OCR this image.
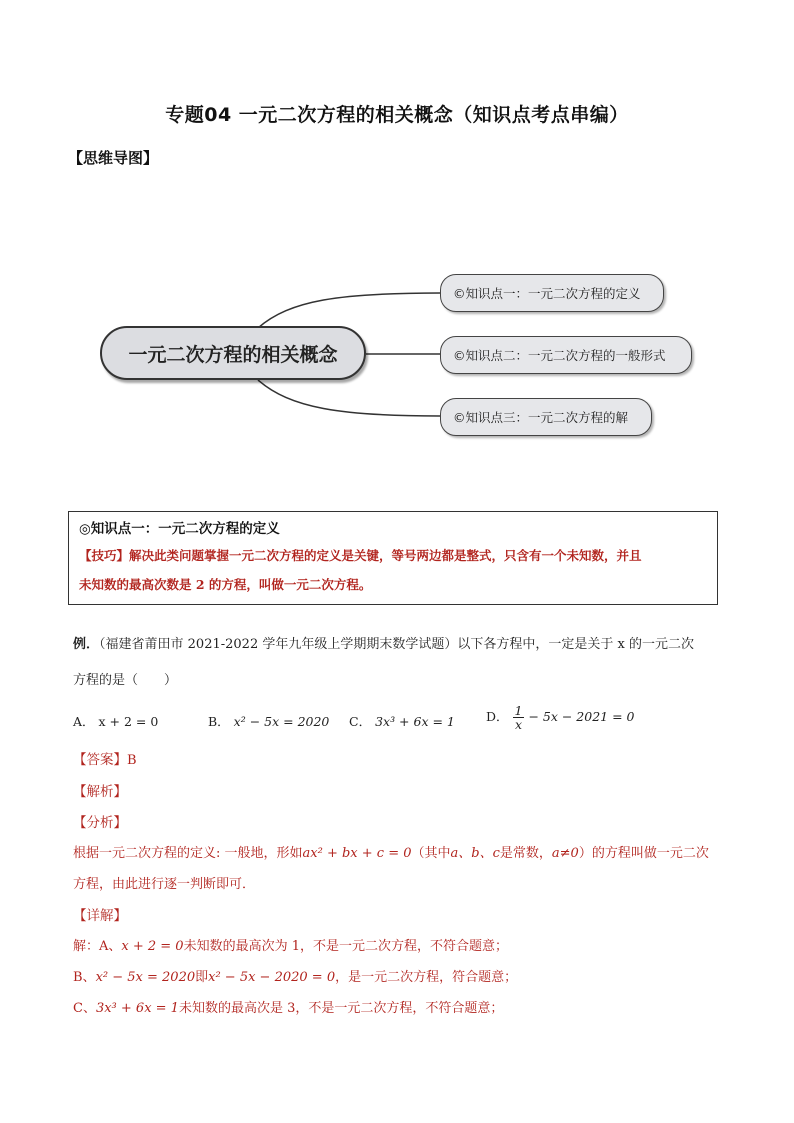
专题04 一元二次方程的相关概念（知识点考点串编）
【思维导图】
一元二次方程的相关概念
©知识点一：一元二次方程的定义
©知识点二：一元二次方程的一般形式
©知识点三：一元二次方程的解
◎知识点一：一元二次方程的定义
【技巧】解决此类问题掌握一元二次方程的定义是关键，等号两边都是整式，只含有一个未知数，并且
未知数的最高次数是 2 的方程，叫做一元二次方程。
例．（福建省莆田市 2021-2022 学年九年级上学期期末数学试题）以下各方程中，一定是关于 x 的一元二次
方程的是（　　）
A． x + 2 = 0	B． x² − 5x = 2020 C． 3x³ + 6x = 1 D． $\frac{1}{x} - 5x - 2021 = 0$
【答案】B
【解析】
【分析】
根据一元二次方程的定义: 一般地，形如ax² + bx + c = 0（其中a、b、c是常数，a≠0）的方程叫做一元二次
方程，由此进行逐一判断即可．
【详解】
解：A、x + 2 = 0未知数的最高次为 1，不是一元二次方程，不符合题意；
B、x² − 5x = 2020即x² − 5x − 2020 = 0，是一元二次方程，符合题意；
C、3x³ + 6x = 1未知数的最高次是 3，不是一元二次方程，不符合题意；
